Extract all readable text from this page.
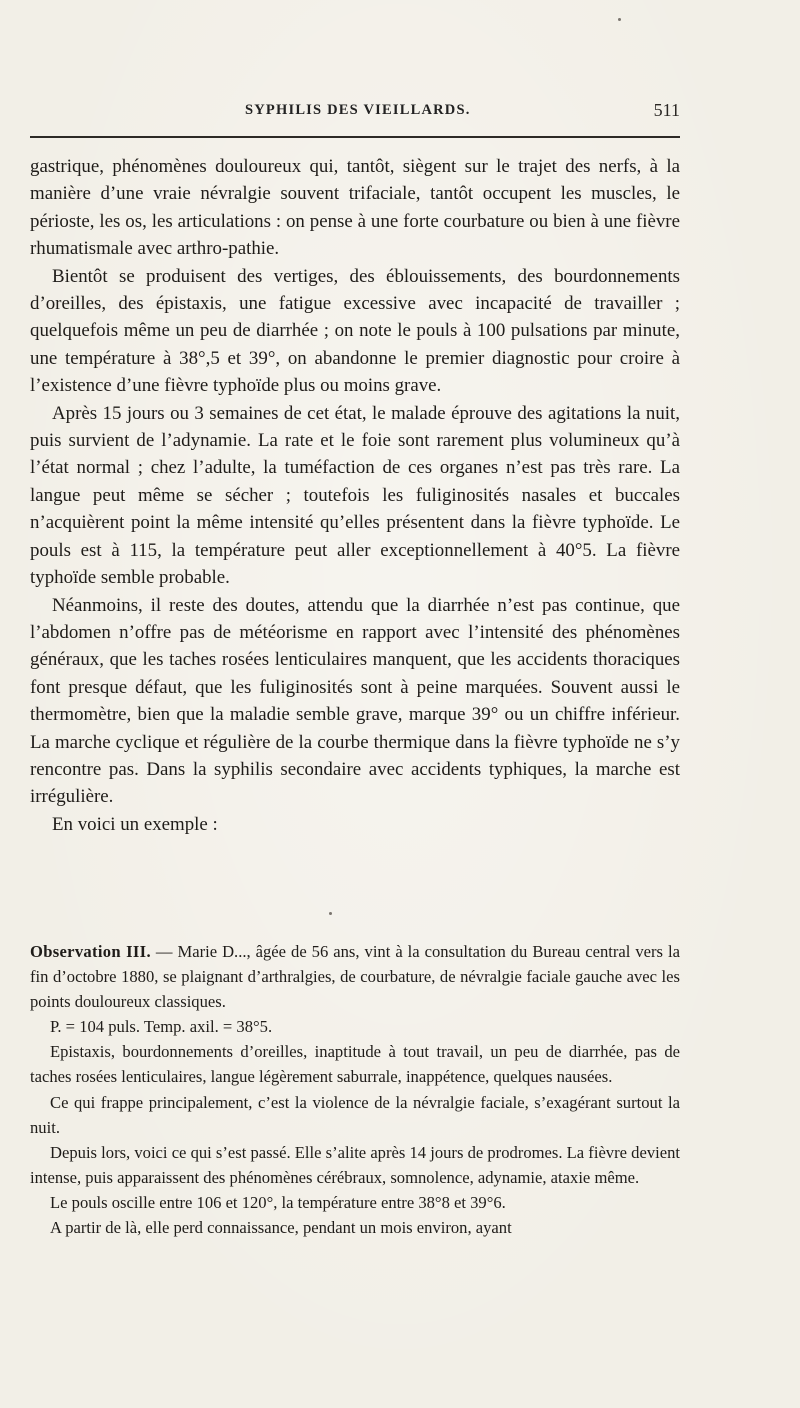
SYPHILIS DES VIEILLARDS.	511

gastrique, phénomènes douloureux qui, tantôt, siègent sur le trajet des nerfs, à la manière d’une vraie névralgie souvent trifaciale, tantôt occupent les muscles, le périoste, les os, les articulations : on pense à une forte courbature ou bien à une fièvre rhumatismale avec arthro-pathie.

Bientôt se produisent des vertiges, des éblouissements, des bourdonnements d’oreilles, des épistaxis, une fatigue excessive avec incapacité de travailler ; quelquefois même un peu de diarrhée ; on note le pouls à 100 pulsations par minute, une température à 38°,5 et 39°, on abandonne le premier diagnostic pour croire à l’existence d’une fièvre typhoïde plus ou moins grave.

Après 15 jours ou 3 semaines de cet état, le malade éprouve des agitations la nuit, puis survient de l’adynamie. La rate et le foie sont rarement plus volumineux qu’à l’état normal ; chez l’adulte, la tuméfaction de ces organes n’est pas très rare. La langue peut même se sécher ; toutefois les fuliginosités nasales et buccales n’acquièrent point la même intensité qu’elles présentent dans la fièvre typhoïde. Le pouls est à 115, la température peut aller exceptionnellement à 40°5. La fièvre typhoïde semble probable.

Néanmoins, il reste des doutes, attendu que la diarrhée n’est pas continue, que l’abdomen n’offre pas de météorisme en rapport avec l’intensité des phénomènes généraux, que les taches rosées lenticulaires manquent, que les accidents thoraciques font presque défaut, que les fuliginosités sont à peine marquées. Souvent aussi le thermomètre, bien que la maladie semble grave, marque 39° ou un chiffre inférieur. La marche cyclique et régulière de la courbe thermique dans la fièvre typhoïde ne s’y rencontre pas. Dans la syphilis secondaire avec accidents typhiques, la marche est irrégulière.

En voici un exemple :

Observation III. — Marie D..., âgée de 56 ans, vint à la consultation du Bureau central vers la fin d’octobre 1880, se plaignant d’arthralgies, de courbature, de névralgie faciale gauche avec les points douloureux classiques.

P. = 104 puls. Temp. axil. = 38°5.

Epistaxis, bourdonnements d’oreilles, inaptitude à tout travail, un peu de diarrhée, pas de taches rosées lenticulaires, langue légèrement saburrale, inappétence, quelques nausées.

Ce qui frappe principalement, c’est la violence de la névralgie faciale, s’exagérant surtout la nuit.

Depuis lors, voici ce qui s’est passé. Elle s’alite après 14 jours de prodromes. La fièvre devient intense, puis apparaissent des phénomènes cérébraux, somnolence, adynamie, ataxie même.

Le pouls oscille entre 106 et 120°, la température entre 38°8 et 39°6.

A partir de là, elle perd connaissance, pendant un mois environ, ayant
